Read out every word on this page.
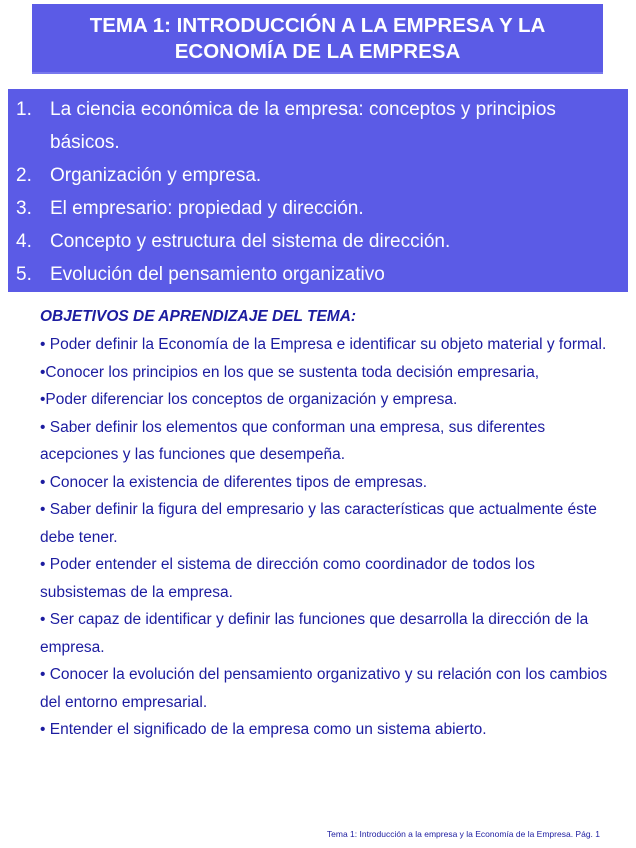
TEMA 1: INTRODUCCIÓN A LA EMPRESA Y LA
ECONOMÍA DE LA EMPRESA
1. La ciencia económica de la empresa: conceptos y principios
básicos.
2. Organización y empresa.
3. El empresario: propiedad y dirección.
4. Concepto y estructura del sistema de dirección.
5. Evolución del pensamiento organizativo
OBJETIVOS DE APRENDIZAJE DEL TEMA:
• Poder definir la Economía de la Empresa e identificar su objeto material y formal.
•Conocer los principios en los que se sustenta toda decisión empresaria,
•Poder diferenciar los conceptos de organización y empresa.
• Saber definir los elementos que conforman una empresa, sus diferentes acepciones y las funciones que desempeña.
• Conocer la existencia de diferentes tipos de empresas.
• Saber definir la figura del empresario y las características que actualmente éste debe tener.
• Poder entender el sistema de dirección como coordinador de todos los subsistemas de la empresa.
• Ser capaz de identificar y definir las funciones que desarrolla la dirección de la empresa.
• Conocer la evolución del pensamiento organizativo y su relación con los cambios del entorno empresarial.
• Entender el significado de la empresa como un sistema abierto.
Tema 1: Introducción a la empresa y la Economía de la Empresa. Pág. 1
